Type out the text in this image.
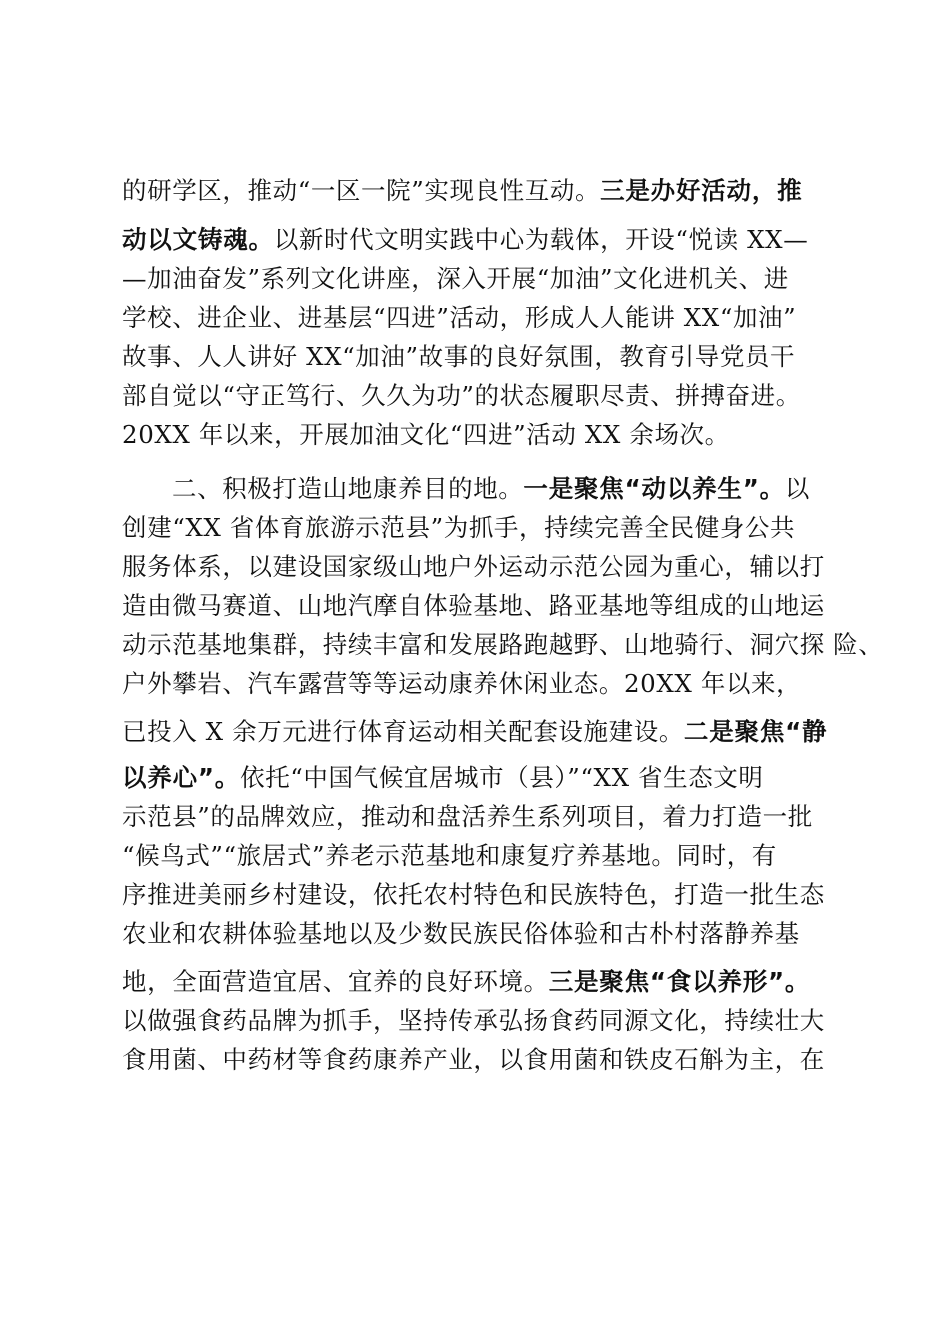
的研学区，推动“一区一院”实现良性互动。三是办好活动，推
动以文铸魂。以新时代文明实践中心为载体，开设“悦读 XX—
—加油奋发”系列文化讲座，深入开展“加油”文化进机关、进
学校、进企业、进基层“四进”活动，形成人人能讲 XX“加油”
故事、人人讲好 XX“加油”故事的良好氛围，教育引导党员干
部自觉以“守正笃行、久久为功”的状态履职尽责、拼搏奋进。
20XX 年以来，开展加油文化“四进”活动 XX 余场次。
二、积极打造山地康养目的地。一是聚焦“动以养生”。以
创建“XX 省体育旅游示范县”为抓手，持续完善全民健身公共
服务体系，以建设国家级山地户外运动示范公园为重心，辅以打
造由微马赛道、山地汽摩自体验基地、路亚基地等组成的山地运
动示范基地集群，持续丰富和发展路跑越野、山地骑行、洞穴探 险、
户外攀岩、汽车露营等等运动康养休闲业态。20XX 年以来，
已投入 X 余万元进行体育运动相关配套设施建设。二是聚焦“静
以养心”。依托“中国气候宜居城市（县）”“XX 省生态文明
示范县”的品牌效应，推动和盘活养生系列项目，着力打造一批
“候鸟式”“旅居式”养老示范基地和康复疗养基地。同时，有
序推进美丽乡村建设，依托农村特色和民族特色，打造一批生态
农业和农耕体验基地以及少数民族民俗体验和古朴村落静养基
地，全面营造宜居、宜养的良好环境。三是聚焦“食以养形”。
以做强食药品牌为抓手，坚持传承弘扬食药同源文化，持续壮大
食用菌、中药材等食药康养产业，以食用菌和铁皮石斛为主，在
